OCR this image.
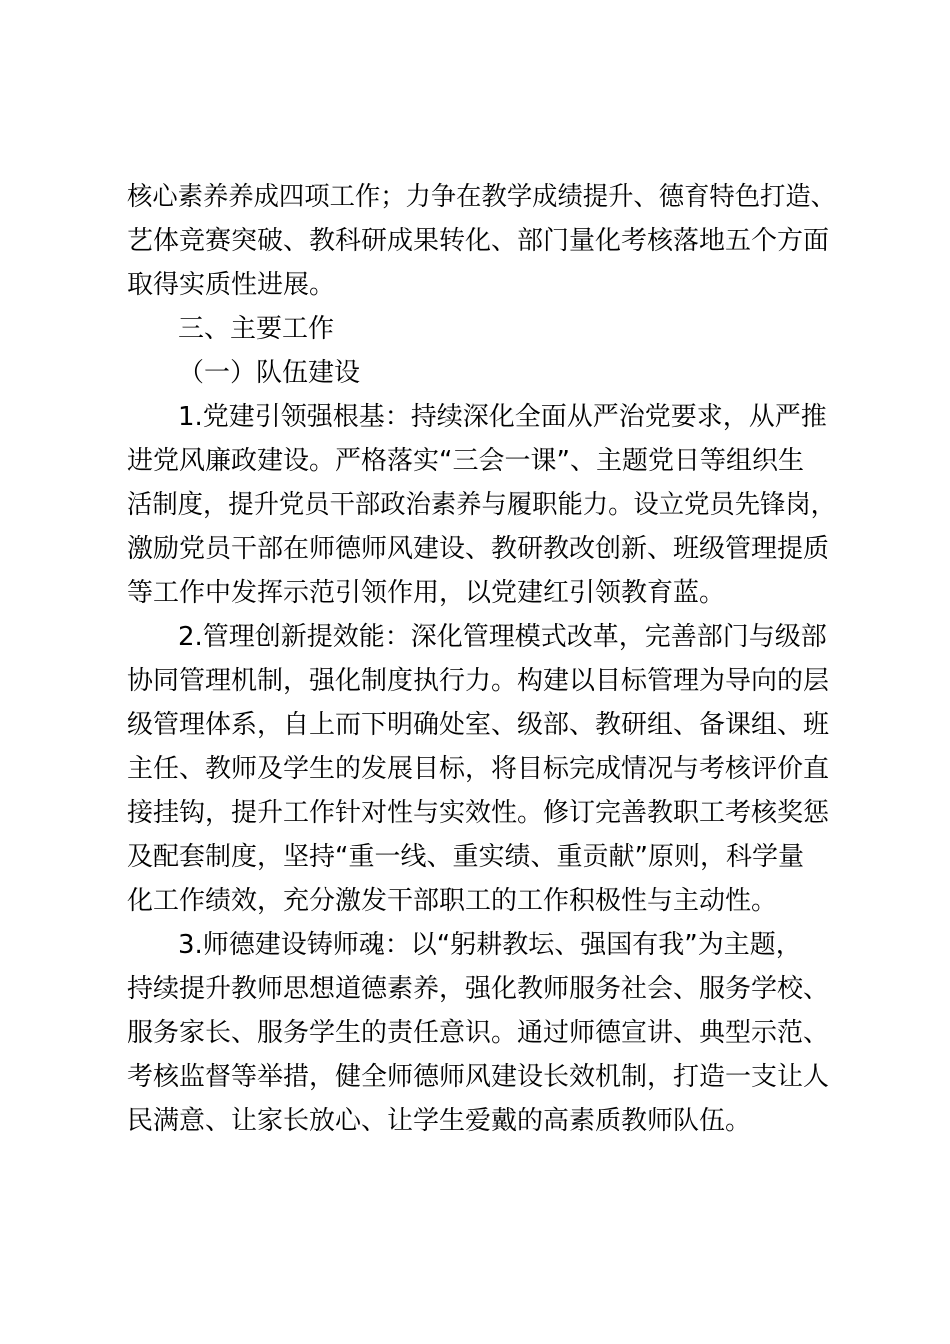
核心素养养成四项工作；力争在教学成绩提升、德育特色打造、
艺体竞赛突破、教科研成果转化、部门量化考核落地五个方面
取得实质性进展。
三、主要工作
（一）队伍建设
1.党建引领强根基：持续深化全面从严治党要求，从严推
进党风廉政建设。严格落实“三会一课”、主题党日等组织生
活制度，提升党员干部政治素养与履职能力。设立党员先锋岗，
激励党员干部在师德师风建设、教研教改创新、班级管理提质
等工作中发挥示范引领作用，以党建红引领教育蓝。
2.管理创新提效能：深化管理模式改革，完善部门与级部
协同管理机制，强化制度执行力。构建以目标管理为导向的层
级管理体系，自上而下明确处室、级部、教研组、备课组、班
主任、教师及学生的发展目标，将目标完成情况与考核评价直
接挂钩，提升工作针对性与实效性。修订完善教职工考核奖惩
及配套制度，坚持“重一线、重实绩、重贡献”原则，科学量
化工作绩效，充分激发干部职工的工作积极性与主动性。
3.师德建设铸师魂：以“躬耕教坛、强国有我”为主题，
持续提升教师思想道德素养，强化教师服务社会、服务学校、
服务家长、服务学生的责任意识。通过师德宣讲、典型示范、
考核监督等举措，健全师德师风建设长效机制，打造一支让人
民满意、让家长放心、让学生爱戴的高素质教师队伍。
